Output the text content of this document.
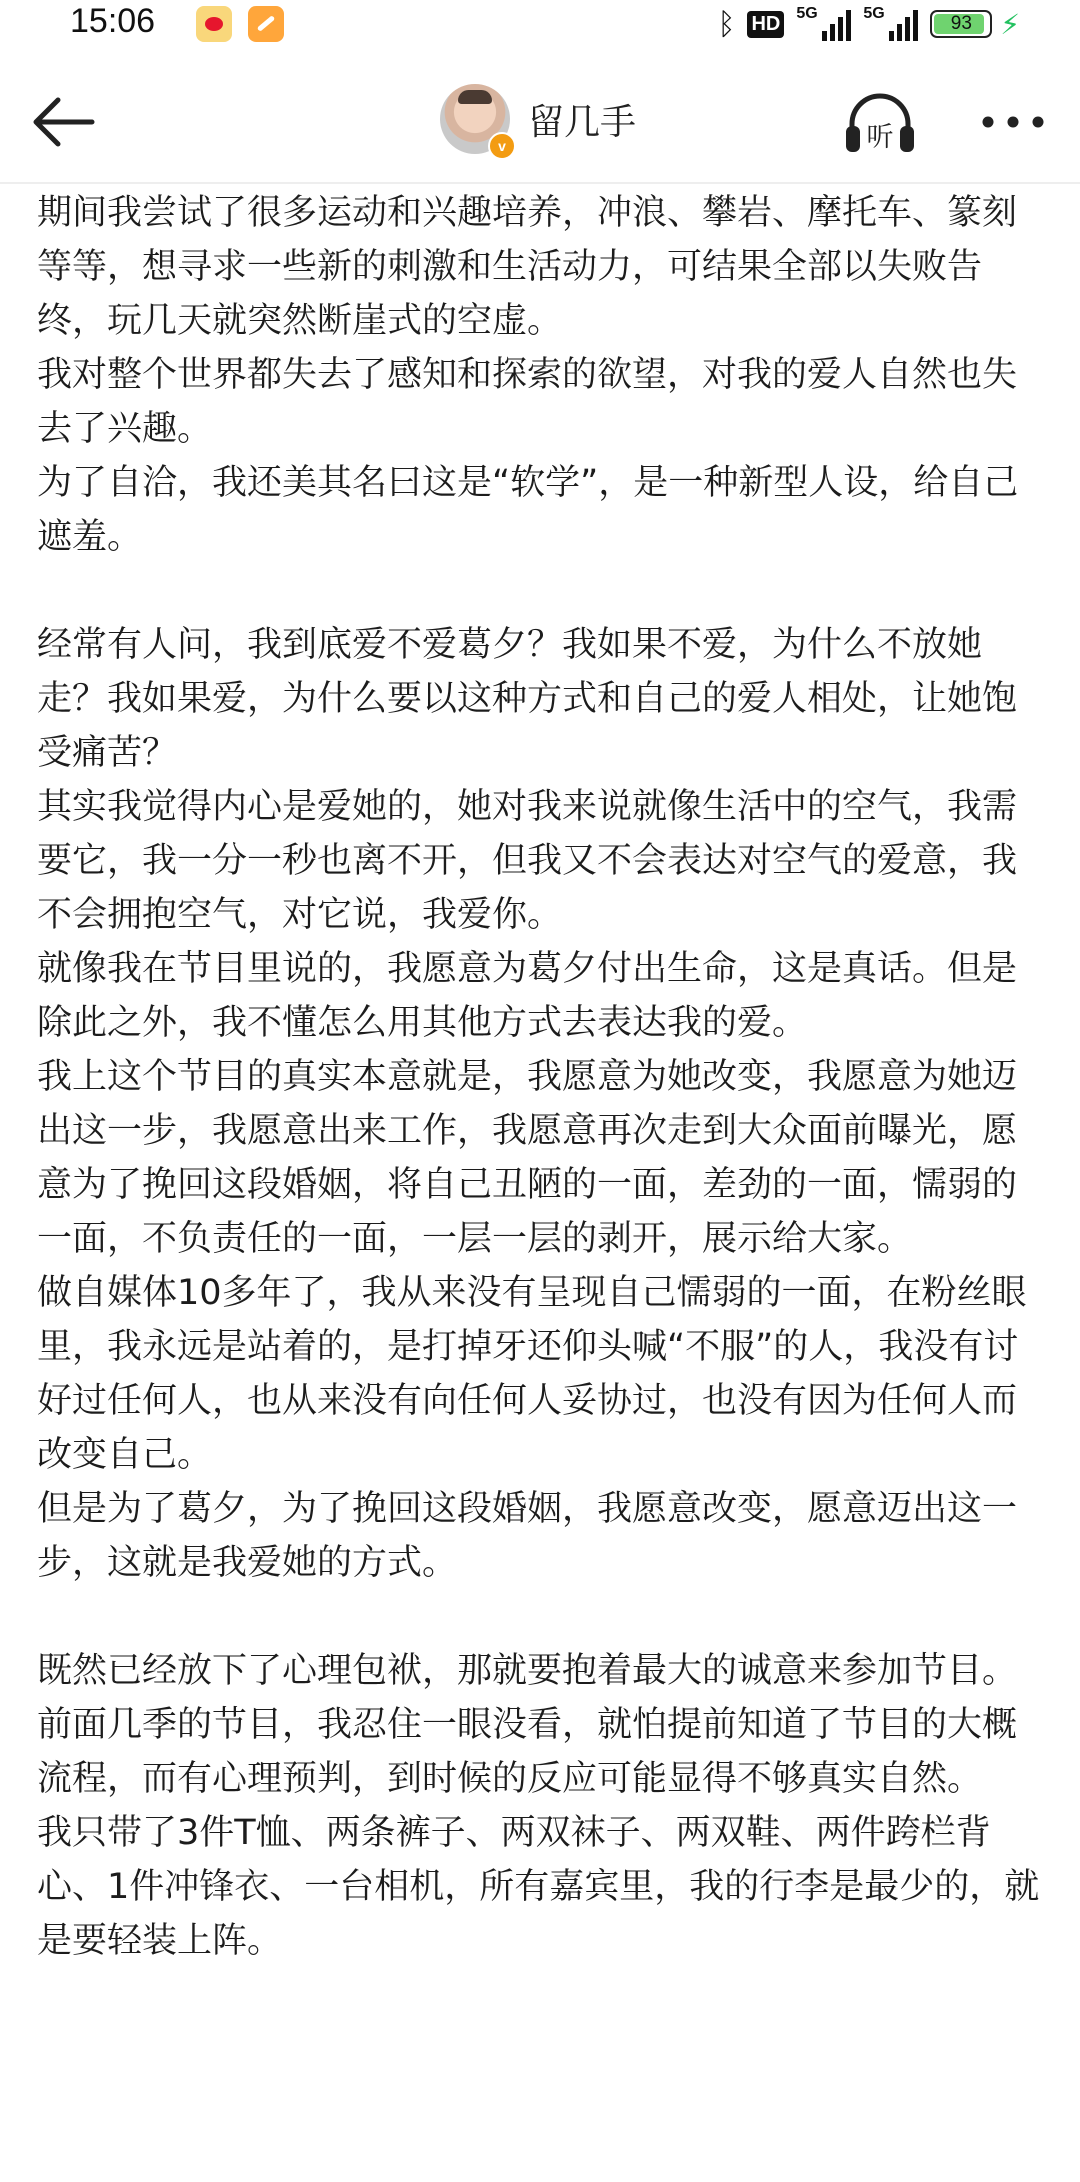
15:06	ᛒ HD 5G	5G	93 ⚡
v
留几手	听

期间我尝试了很多运动和兴趣培养，冲浪、攀岩、摩托车、篆刻等等，想寻求一些新的刺激和生活动力，可结果全部以失败告终，玩几天就突然断崖式的空虚。

我对整个世界都失去了感知和探索的欲望，对我的爱人自然也失去了兴趣。

为了自洽，我还美其名曰这是“软学”，是一种新型人设，给自己遮羞。

经常有人问，我到底爱不爱葛夕？我如果不爱，为什么不放她走？我如果爱，为什么要以这种方式和自己的爱人相处，让她饱受痛苦？

其实我觉得内心是爱她的，她对我来说就像生活中的空气，我需要它，我一分一秒也离不开，但我又不会表达对空气的爱意，我不会拥抱空气，对它说，我爱你。

就像我在节目里说的，我愿意为葛夕付出生命，这是真话。但是除此之外，我不懂怎么用其他方式去表达我的爱。

我上这个节目的真实本意就是，我愿意为她改变，我愿意为她迈出这一步，我愿意出来工作，我愿意再次走到大众面前曝光，愿意为了挽回这段婚姻，将自己丑陋的一面，差劲的一面，懦弱的一面，不负责任的一面，一层一层的剥开，展示给大家。

做自媒体10多年了，我从来没有呈现自己懦弱的一面，在粉丝眼里，我永远是站着的，是打掉牙还仰头喊“不服”的人，我没有讨好过任何人，也从来没有向任何人妥协过，也没有因为任何人而改变自己。

但是为了葛夕，为了挽回这段婚姻，我愿意改变，愿意迈出这一步，这就是我爱她的方式。

既然已经放下了心理包袱，那就要抱着最大的诚意来参加节目。

前面几季的节目，我忍住一眼没看，就怕提前知道了节目的大概流程，而有心理预判，到时候的反应可能显得不够真实自然。

我只带了3件T恤、两条裤子、两双袜子、两双鞋、两件跨栏背心、1件冲锋衣、一台相机，所有嘉宾里，我的行李是最少的，就是要轻装上阵。
